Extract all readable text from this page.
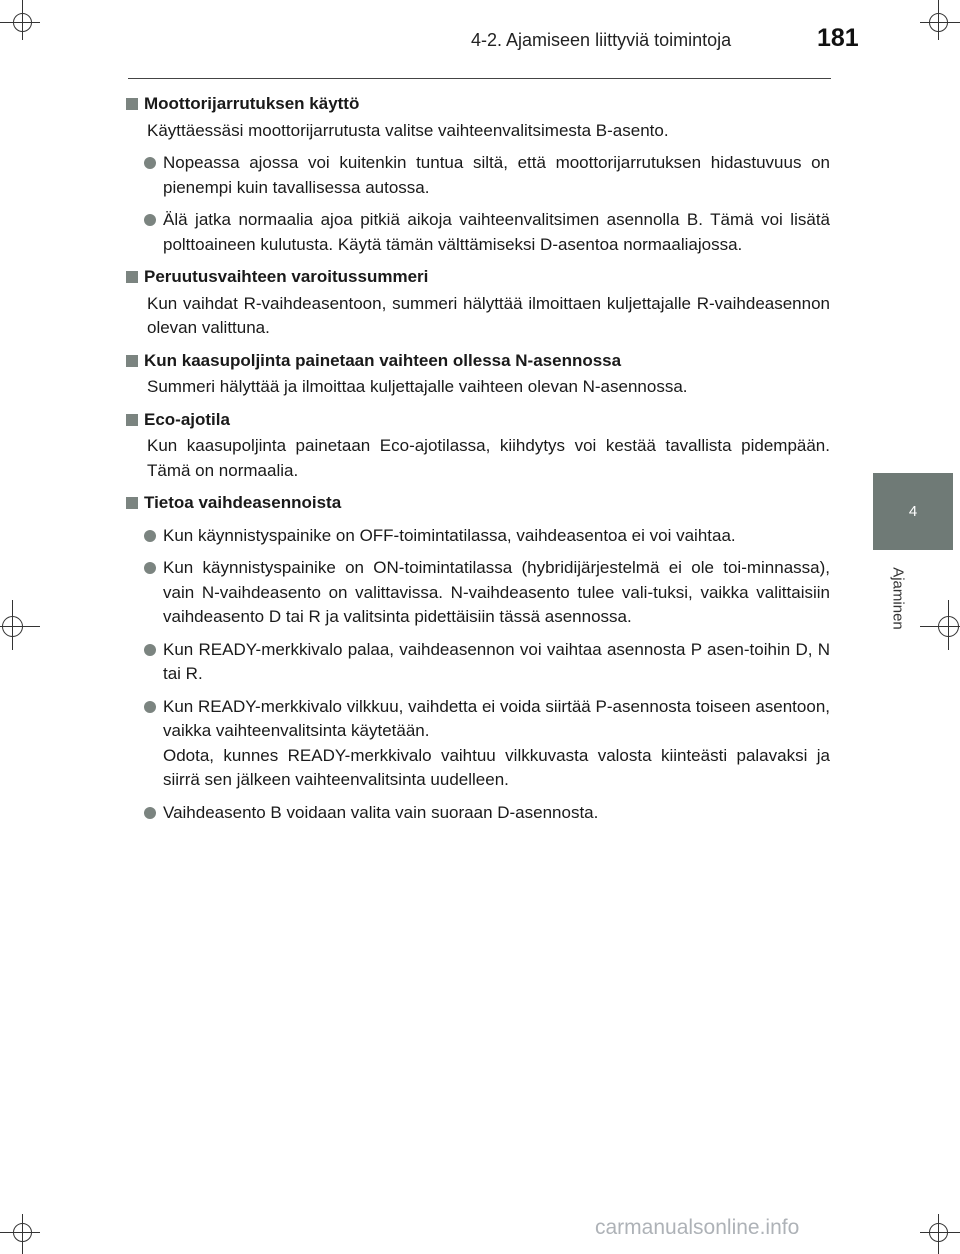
4-2. Ajamiseen liittyviä toimintoja	181
4
Ajaminen
Moottorijarrutuksen käyttö
Käyttäessäsi moottorijarrutusta valitse vaihteenvalitsimesta B-asento.
Nopeassa ajossa voi kuitenkin tuntua siltä, että moottorijarrutuksen hidastuvuus on pienempi kuin tavallisessa autossa.
Älä jatka normaalia ajoa pitkiä aikoja vaihteenvalitsimen asennolla B. Tämä voi lisätä polttoaineen kulutusta. Käytä tämän välttämiseksi D-asentoa normaaliajossa.
Peruutusvaihteen varoitussummeri
Kun vaihdat R-vaihdeasentoon, summeri hälyttää ilmoittaen kuljettajalle R-vaihdeasennon olevan valittuna.
Kun kaasupoljinta painetaan vaihteen ollessa N-asennossa
Summeri hälyttää ja ilmoittaa kuljettajalle vaihteen olevan N-asennossa.
Eco-ajotila
Kun kaasupoljinta painetaan Eco-ajotilassa, kiihdytys voi kestää tavallista pidempään. Tämä on normaalia.
Tietoa vaihdeasennoista
Kun käynnistyspainike on OFF-toimintatilassa, vaihdeasentoa ei voi vaihtaa.
Kun käynnistyspainike on ON-toimintatilassa (hybridijärjestelmä ei ole toi-minnassa), vain N-vaihdeasento on valittavissa. N-vaihdeasento tulee vali-tuksi, vaikka valittaisiin vaihdeasento D tai R ja valitsinta pidettäisiin tässä asennossa.
Kun READY-merkkivalo palaa, vaihdeasennon voi vaihtaa asennosta P asen-toihin D, N tai R.
Kun READY-merkkivalo vilkkuu, vaihdetta ei voida siirtää P-asennosta toiseen asentoon, vaikka vaihteenvalitsinta käytetään.
Odota, kunnes READY-merkkivalo vaihtuu vilkkuvasta valosta kiinteästi palavaksi ja siirrä sen jälkeen vaihteenvalitsinta uudelleen.
Vaihdeasento B voidaan valita vain suoraan D-asennosta.
carmanualsonline.info
